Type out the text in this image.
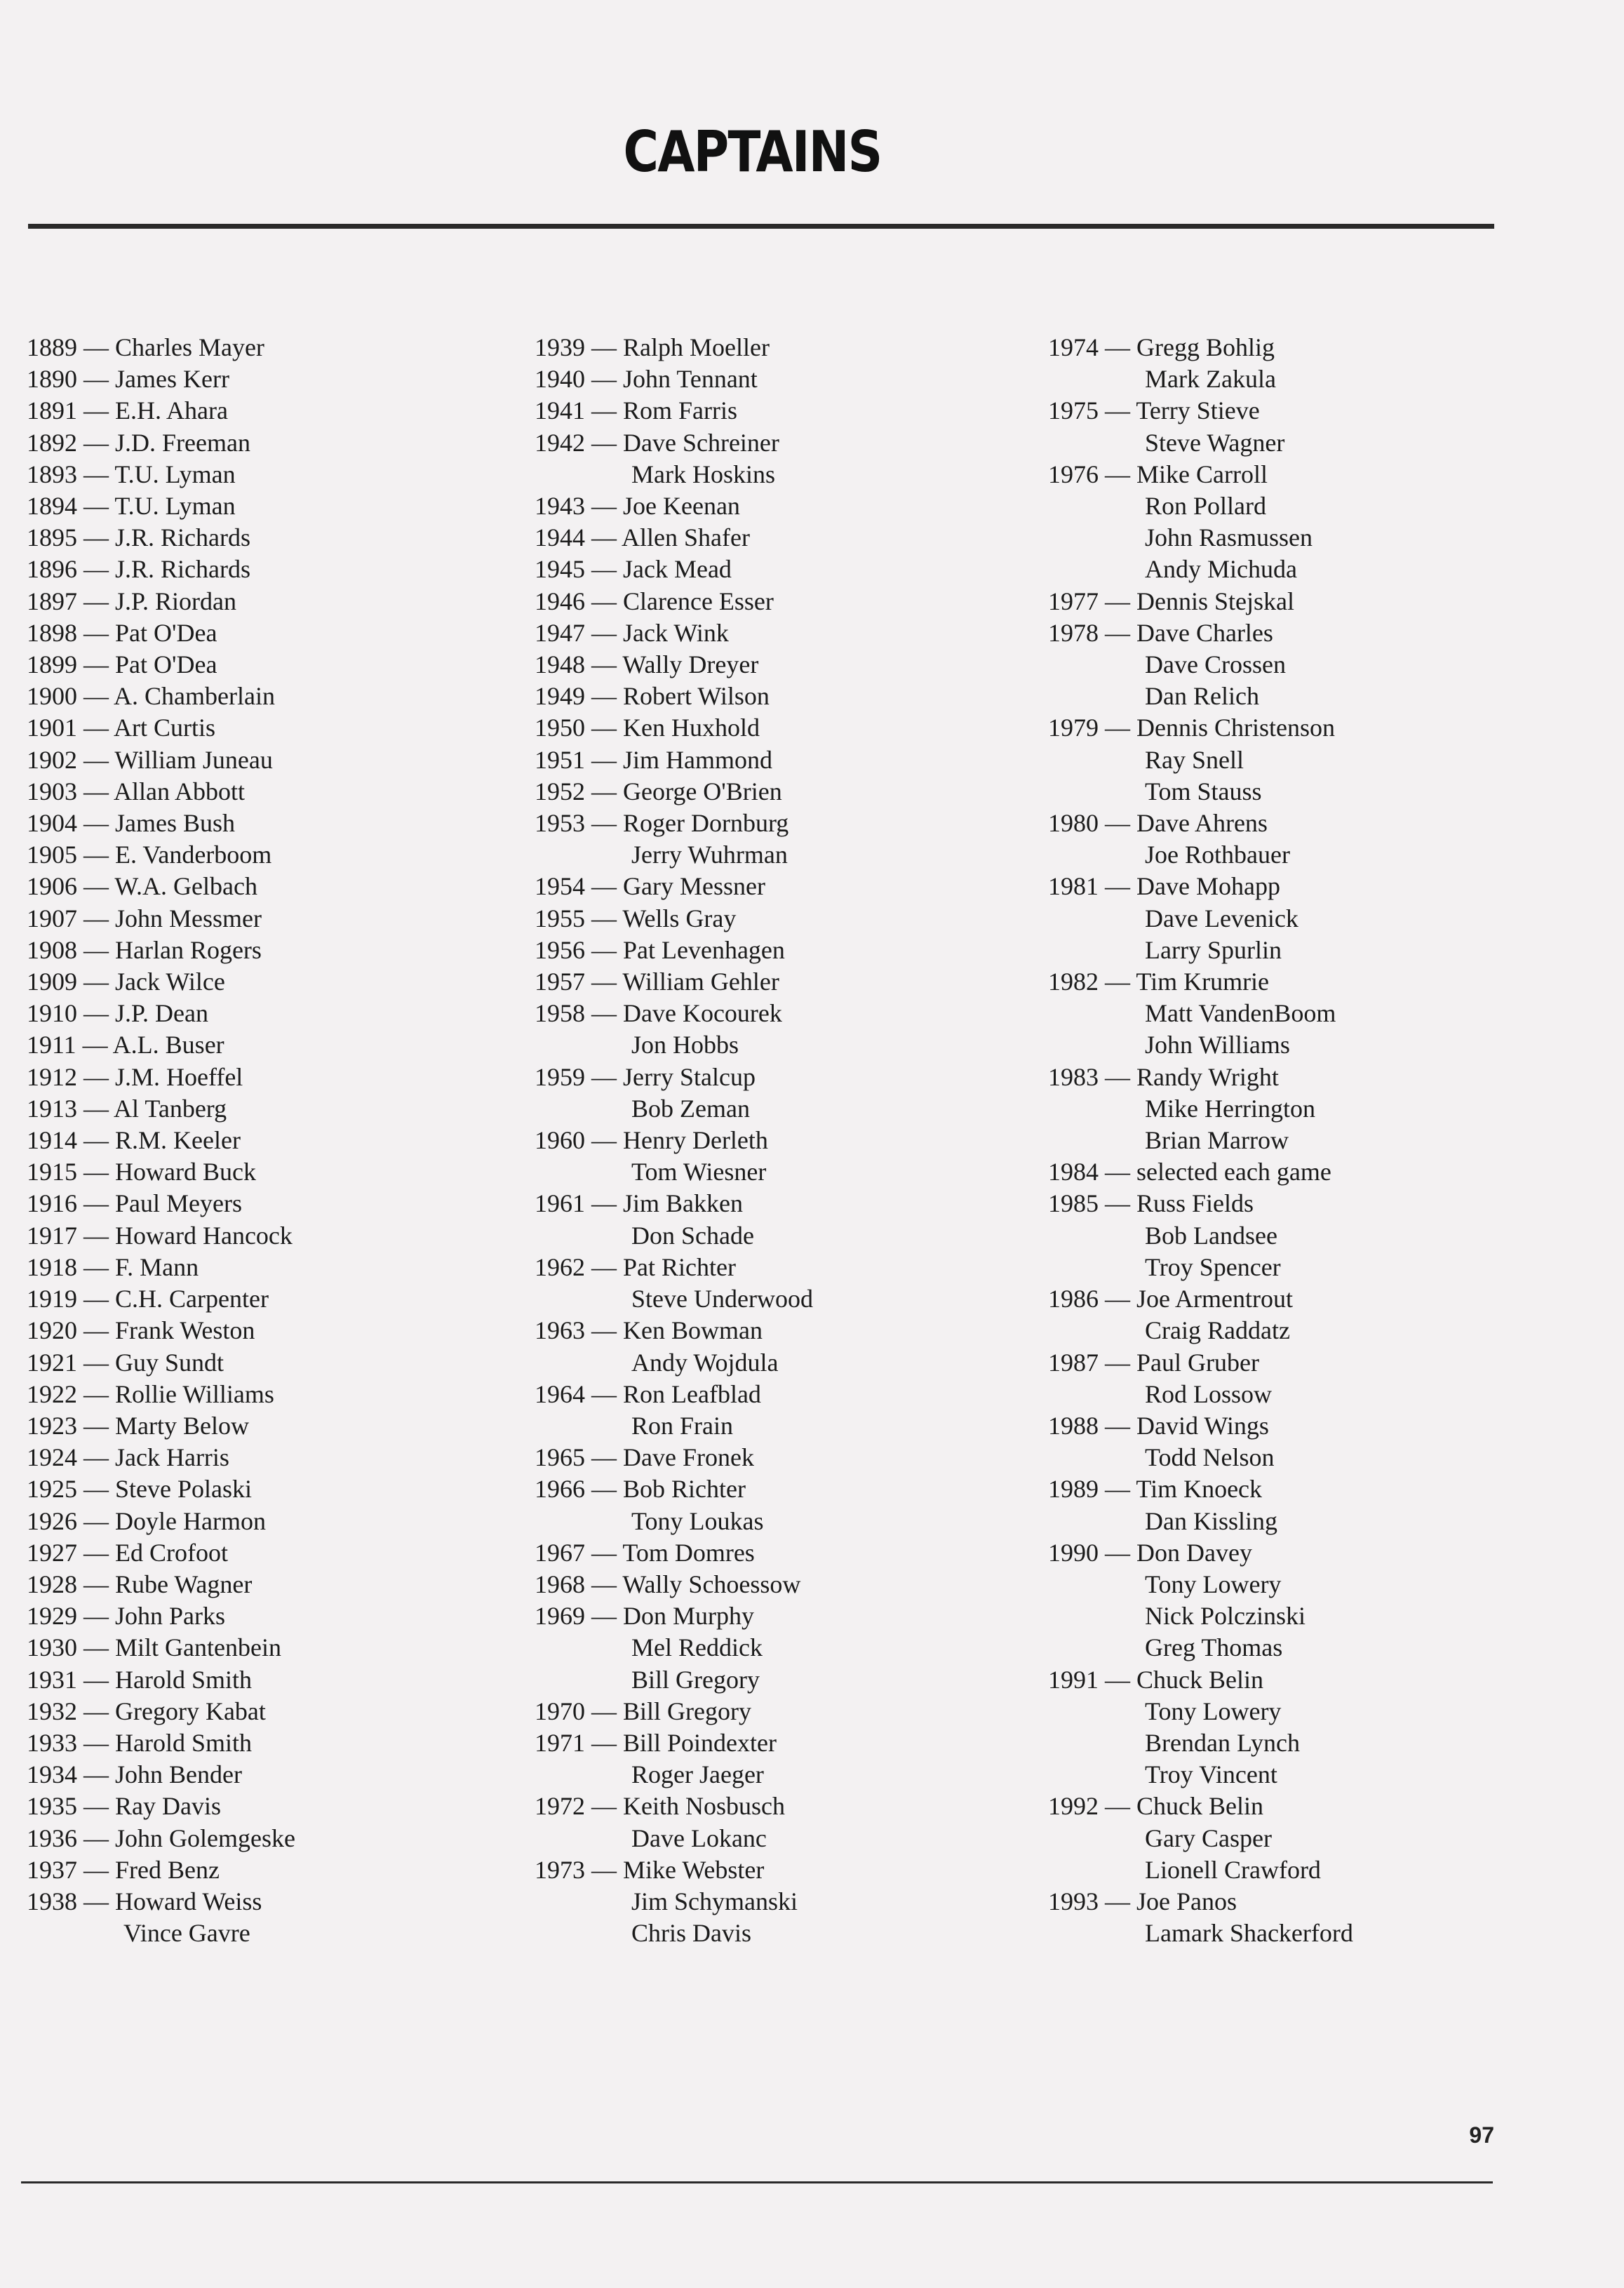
CAPTAINS
1889 — Charles Mayer
1890 — James Kerr
1891 — E.H. Ahara
1892 — J.D. Freeman
1893 — T.U. Lyman
1894 — T.U. Lyman
1895 — J.R. Richards
1896 — J.R. Richards
1897 — J.P. Riordan
1898 — Pat O'Dea
1899 — Pat O'Dea
1900 — A. Chamberlain
1901 — Art Curtis
1902 — William Juneau
1903 — Allan Abbott
1904 — James Bush
1905 — E. Vanderboom
1906 — W.A. Gelbach
1907 — John Messmer
1908 — Harlan Rogers
1909 — Jack Wilce
1910 — J.P. Dean
1911 — A.L. Buser
1912 — J.M. Hoeffel
1913 — Al Tanberg
1914 — R.M. Keeler
1915 — Howard Buck
1916 — Paul Meyers
1917 — Howard Hancock
1918 — F. Mann
1919 — C.H. Carpenter
1920 — Frank Weston
1921 — Guy Sundt
1922 — Rollie Williams
1923 — Marty Below
1924 — Jack Harris
1925 — Steve Polaski
1926 — Doyle Harmon
1927 — Ed Crofoot
1928 — Rube Wagner
1929 — John Parks
1930 — Milt Gantenbein
1931 — Harold Smith
1932 — Gregory Kabat
1933 — Harold Smith
1934 — John Bender
1935 — Ray Davis
1936 — John Golemgeske
1937 — Fred Benz
1938 — Howard Weiss
Vince Gavre
1939 — Ralph Moeller
1940 — John Tennant
1941 — Rom Farris
1942 — Dave Schreiner
Mark Hoskins
1943 — Joe Keenan
1944 — Allen Shafer
1945 — Jack Mead
1946 — Clarence Esser
1947 — Jack Wink
1948 — Wally Dreyer
1949 — Robert Wilson
1950 — Ken Huxhold
1951 — Jim Hammond
1952 — George O'Brien
1953 — Roger Dornburg
Jerry Wuhrman
1954 — Gary Messner
1955 — Wells Gray
1956 — Pat Levenhagen
1957 — William Gehler
1958 — Dave Kocourek
Jon Hobbs
1959 — Jerry Stalcup
Bob Zeman
1960 — Henry Derleth
Tom Wiesner
1961 — Jim Bakken
Don Schade
1962 — Pat Richter
Steve Underwood
1963 — Ken Bowman
Andy Wojdula
1964 — Ron Leafblad
Ron Frain
1965 — Dave Fronek
1966 — Bob Richter
Tony Loukas
1967 — Tom Domres
1968 — Wally Schoessow
1969 — Don Murphy
Mel Reddick
Bill Gregory
1970 — Bill Gregory
1971 — Bill Poindexter
Roger Jaeger
1972 — Keith Nosbusch
Dave Lokanc
1973 — Mike Webster
Jim Schymanski
Chris Davis
1974 — Gregg Bohlig
Mark Zakula
1975 — Terry Stieve
Steve Wagner
1976 — Mike Carroll
Ron Pollard
John Rasmussen
Andy Michuda
1977 — Dennis Stejskal
1978 — Dave Charles
Dave Crossen
Dan Relich
1979 — Dennis Christenson
Ray Snell
Tom Stauss
1980 — Dave Ahrens
Joe Rothbauer
1981 — Dave Mohapp
Dave Levenick
Larry Spurlin
1982 — Tim Krumrie
Matt VandenBoom
John Williams
1983 — Randy Wright
Mike Herrington
Brian Marrow
1984 — selected each game
1985 — Russ Fields
Bob Landsee
Troy Spencer
1986 — Joe Armentrout
Craig Raddatz
1987 — Paul Gruber
Rod Lossow
1988 — David Wings
Todd Nelson
1989 — Tim Knoeck
Dan Kissling
1990 — Don Davey
Tony Lowery
Nick Polczinski
Greg Thomas
1991 — Chuck Belin
Tony Lowery
Brendan Lynch
Troy Vincent
1992 — Chuck Belin
Gary Casper
Lionell Crawford
1993 — Joe Panos
Lamark Shackerford
97
